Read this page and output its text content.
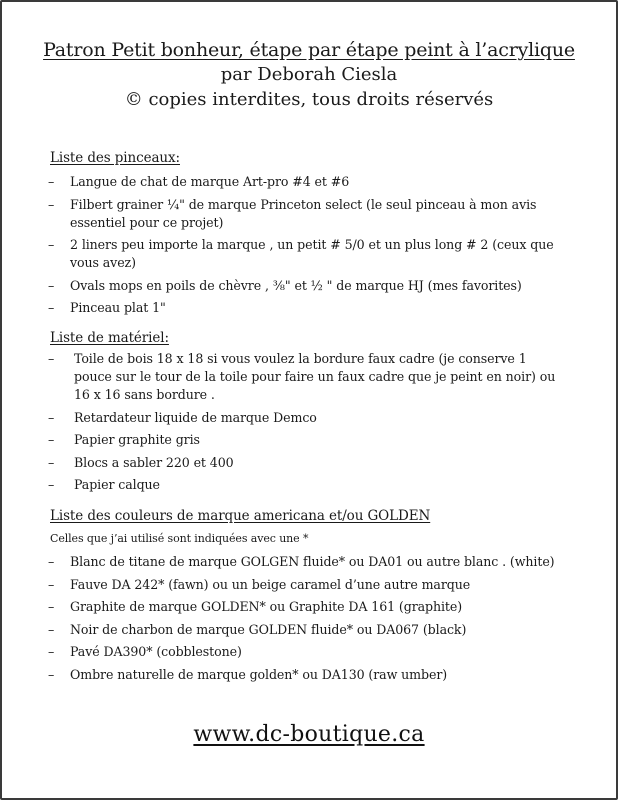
Patron Petit bonheur, étape par étape peint à l’acrylique
par Deborah Ciesla
© copies interdites, tous droits réservés
Liste des pinceaux:
– Langue de chat de marque Art-pro #4 et #6
– Filbert grainer ¼" de marque Princeton select (le seul pinceau à mon avis essentiel pour ce projet)
– 2 liners peu importe la marque , un petit # 5/0 et un plus long # 2 (ceux que vous avez)
– Ovals mops en poils de chèvre , ⅜" et ½ " de marque HJ (mes favorites)
– Pinceau plat 1"
Liste de matériel:
– Toile de bois 18 x 18 si vous voulez la bordure faux cadre (je conserve 1 pouce sur le tour de la toile pour faire un faux cadre que je peint en noir) ou 16 x 16 sans bordure .
– Retardateur liquide de marque Demco
– Papier graphite gris
– Blocs a sabler 220 et 400
– Papier calque
Liste des couleurs de marque americana et/ou GOLDEN
Celles que j’ai utilisé sont indiquées avec une *
– Blanc de titane de marque GOLGEN fluide* ou DA01 ou autre blanc . (white)
– Fauve DA 242* (fawn) ou un beige caramel d’une autre marque
– Graphite de marque GOLDEN* ou Graphite DA 161 (graphite)
– Noir de charbon de marque GOLDEN fluide* ou DA067 (black)
– Pavé DA390* (cobblestone)
– Ombre naturelle de marque golden* ou DA130 (raw umber)
www.dc-boutique.ca
